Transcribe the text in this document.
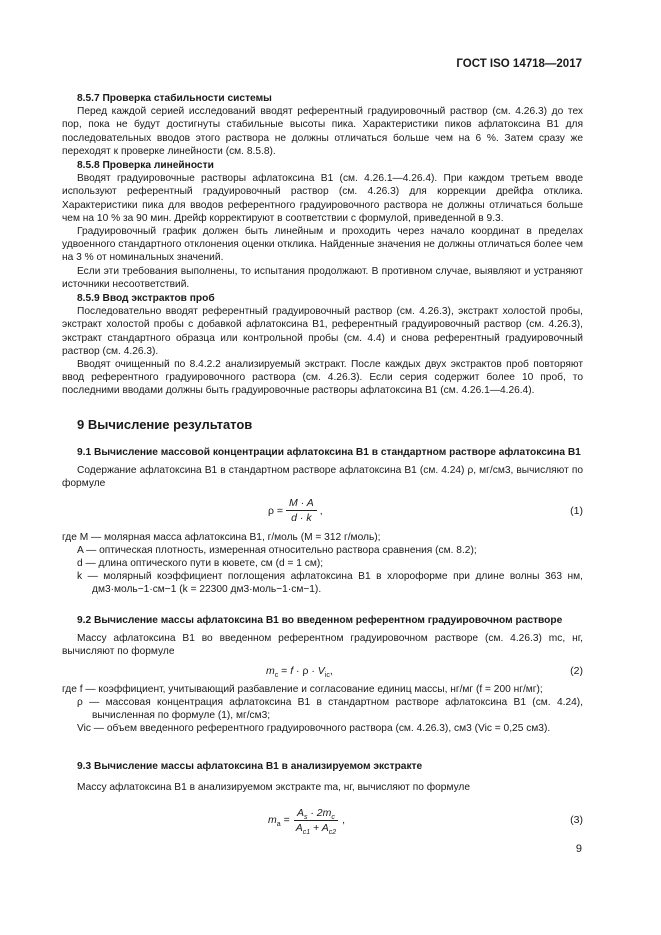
ГОСТ ISO 14718—2017
8.5.7 Проверка стабильности системы

Перед каждой серией исследований вводят референтный градуировочный раствор (см. 4.26.3) до тех пор, пока не будут достигнуты стабильные высоты пика. Характеристики пиков афлатоксина B1 для последовательных вводов этого раствора не должны отличаться больше чем на 6 %. Затем сразу же переходят к проверке линейности (см. 8.5.8).

8.5.8 Проверка линейности

Вводят градуировочные растворы афлатоксина B1 (см. 4.26.1—4.26.4). При каждом третьем вводе используют референтный градуировочный раствор (см. 4.26.3) для коррекции дрейфа отклика. Характеристики пика для вводов референтного градуировочного раствора не должны отличаться больше чем на 10 % за 90 мин. Дрейф корректируют в соответствии с формулой, приведенной в 9.3.

Градуировочный график должен быть линейным и проходить через начало координат в пределах удвоенного стандартного отклонения оценки отклика. Найденные значения не должны отличаться более чем на 3 % от номинальных значений.

Если эти требования выполнены, то испытания продолжают. В противном случае, выявляют и устраняют источники несоответствий.

8.5.9 Ввод экстрактов проб

Последовательно вводят референтный градуировочный раствор (см. 4.26.3), экстракт холостой пробы, экстракт холостой пробы с добавкой афлатоксина B1, референтный градуировочный раствор (см. 4.26.3), экстракт стандартного образца или контрольной пробы (см. 4.4) и снова референтный градуировочный раствор (см. 4.26.3).

Вводят очищенный по 8.4.2.2 анализируемый экстракт. После каждых двух экстрактов проб повторяют ввод референтного градуировочного раствора (см. 4.26.3). Если серия содержит более 10 проб, то последними вводами должны быть градуировочные растворы афлатоксина B1 (см. 4.26.1—4.26.4).

9 Вычисление результатов
9.1 Вычисление массовой концентрации афлатоксина B1 в стандартном растворе афлатоксина B1

Содержание афлатоксина B1 в стандартном растворе афлатоксина B1 (см. 4.24) ρ, мг/см3, вычисляют по формуле

$\rho = \frac{M \cdot A}{d \cdot k}$ ,	(1)
где M — молярная масса афлатоксина B1, г/моль (M = 312 г/моль);
A — оптическая плотность, измеренная относительно раствора сравнения (см. 8.2);
d — длина оптического пути в кювете, см (d = 1 см);
k — молярный коэффициент поглощения афлатоксина B1 в хлороформе при длине волны 363 нм, дм3·моль−1·см−1 (k = 22300 дм3·моль−1·см−1).
9.2 Вычисление массы афлатоксина B1 во введенном референтном градуировочном растворе

Массу афлатоксина B1 во введенном референтном градуировочном растворе (см. 4.26.3) mc, нг, вычисляют по формуле

$m_c = f \cdot \rho \cdot V_{ic}$,	(2)
где f — коэффициент, учитывающий разбавление и согласование единиц массы, нг/мг (f = 200 нг/мг);
ρ — массовая концентрация афлатоксина B1 в стандартном растворе афлатоксина B1 (см. 4.24), вычисленная по формуле (1), мг/см3;
Vic — объем введенного референтного градуировочного раствора (см. 4.26.3), см3 (Vic = 0,25 см3).
9.3 Вычисление массы афлатоксина B1 в анализируемом экстракте

Массу афлатоксина B1 в анализируемом экстракте ma, нг, вычисляют по формуле

$m_a = \frac{A_s \cdot 2m_c}{A_{c1} + A_{c2}}$ ,	(3)
9
